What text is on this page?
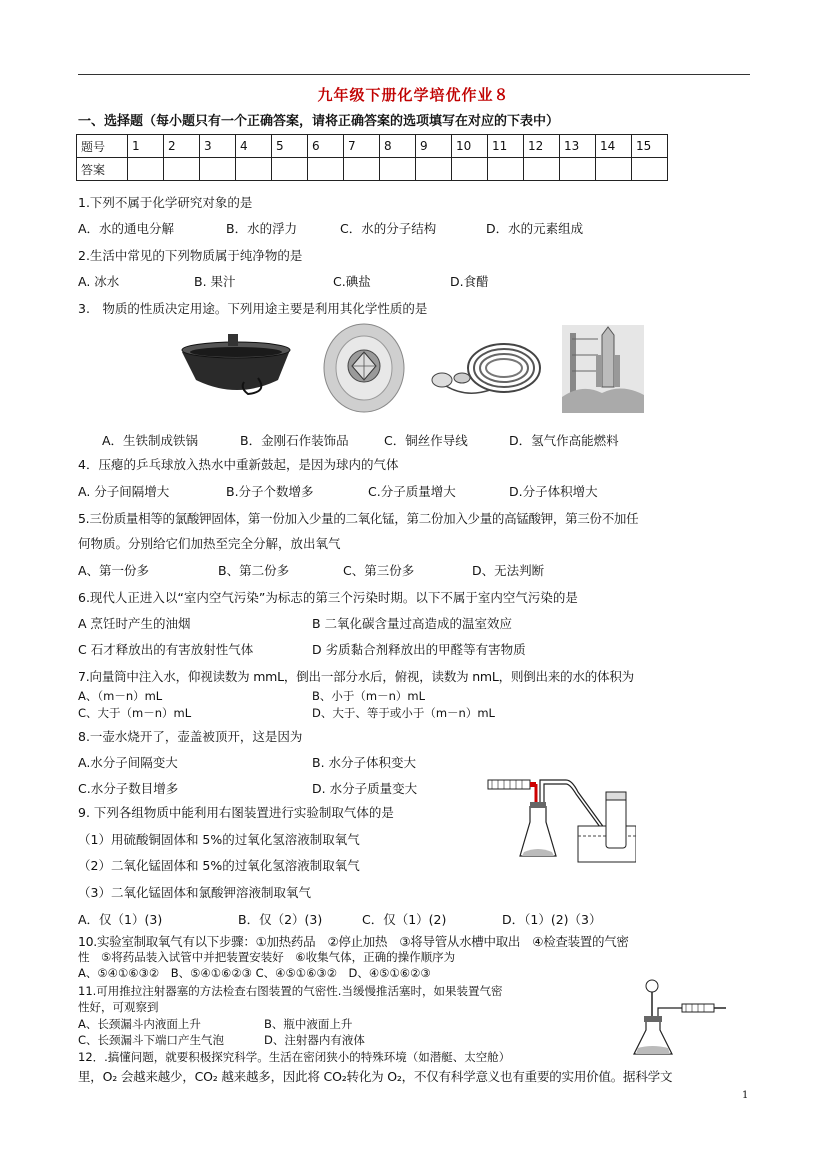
九年级下册化学培优作业８
一、选择题（每小题只有一个正确答案，请将正确答案的选项填写在对应的下表中）
题号	1	2	3	4	5	6	7	8	9	10	11	12	13	14	15
答案															
1.下列不属于化学研究对象的是
A．水的通电分解	B．水的浮力	C．水的分子结构	D．水的元素组成
2.生活中常见的下列物质属于纯净物的是
A. 冰水	B. 果汁	C.碘盐	D.食醋
3.　物质的性质决定用途。下列用途主要是利用其化学性质的是
A．生铁制成铁锅	B．金刚石作装饰品	C．铜丝作导线	D．氢气作高能燃料
4．压瘪的乒乓球放入热水中重新鼓起，是因为球内的气体
A. 分子间隔增大	B.分子个数增多	C.分子质量增大	D.分子体积增大
5.三份质量相等的氯酸钾固体，第一份加入少量的二氧化锰，第二份加入少量的高锰酸钾，第三份不加任
何物质。分别给它们加热至完全分解，放出氧气
A、第一份多	B、第二份多	C、第三份多	D、无法判断
6.现代人正进入以“室内空气污染”为标志的第三个污染时期。以下不属于室内空气污染的是
A 烹饪时产生的油烟	B 二氧化碳含量过高造成的温室效应
C 石才释放出的有害放射性气体	D 劣质黏合剂释放出的甲醛等有害物质
7.向量筒中注入水，仰视读数为 mmL，倒出一部分水后，俯视，读数为 nmL，则倒出来的水的体积为
A、（m－n）mL	B、小于（m－n）mL
C、大于（m－n）mL	D、大于、等于或小于（m－n）mL
8.一壶水烧开了，壶盖被顶开，这是因为
A.水分子间隔变大	B. 水分子体积变大
C.水分子数目增多	D. 水分子质量变大
9. 下列各组物质中能利用右图装置进行实验制取气体的是
（1）用硫酸铜固体和 5%的过氧化氢溶液制取氧气
（2）二氧化锰固体和 5%的过氧化氢溶液制取氧气
（3）二氧化锰固体和氯酸钾溶液制取氧气
A．仅（1）(3)	B．仅（2）(3)	C．仅（1）(2)	D．（1）(2)（3）
10.实验室制取氧气有以下步骤：①加热药品　②停止加热　③将导管从水槽中取出　④检查装置的气密
性　⑤将药品装入试管中并把装置安装好　⑥收集气体，正确的操作顺序为
A、⑤④①⑥③②　B、⑤④①⑥②③ C、④⑤①⑥③②　D、④⑤①⑥②③
11.可用推拉注射器塞的方法检查右图装置的气密性.当缓慢推活塞时，如果装置气密
性好，可观察到
A、长颈漏斗内液面上升	B、瓶中液面上升
C、长颈漏斗下端口产生气泡	D、注射器内有液体
12．.搞懂问题，就要积极探究科学。生活在密闭狭小的特殊环境（如潜艇、太空舱）
里，O₂ 会越来越少，CO₂ 越来越多，因此将 CO₂转化为 O₂，不仅有科学意义也有重要的实用价值。据科学文
1
